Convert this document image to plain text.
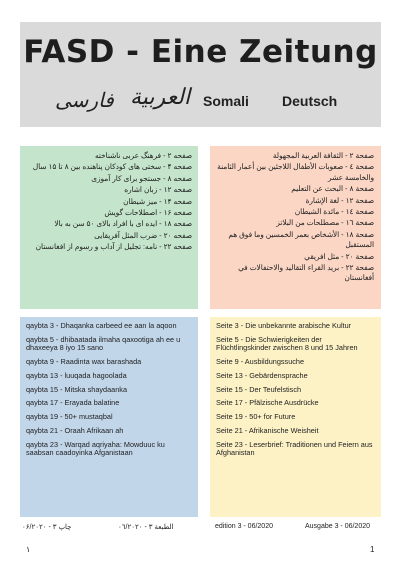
FASD - Eine Zeitung
فارسی العربية Somali Deutsch
صفحه ۲ - فرهنگ عربی ناشناخته
صفحه ۴ - سختی های کودکان پناهنده بین ۸ تا ۱۵ سال
صفحه ۸ - جستجو برای کار آموزی
صفحه ۱۲ - زبان اشاره
صفحه ۱۴ - میز شیطان
صفحه ۱۶ - اصطلاحات گویش
صفحه ۱۸ - ایده ای با افراد بالای ۵۰ سن به بالا
صفحه ۲۰ - ضرب المثل آفریقایی
صفحه ۲۲ - نامه: تجلیل از آداب و رسوم از افغانستان
صفحة ٢ - الثقافة العربية المجهولة
صفحة ٤ - صعوبات الأطفال اللاجئين بين أعمار الثامنة والخامسة عشر
صفحة ٨ - البحث عن التعليم
صفحة ١٢ - لغة الإشارة
صفحة ١٤ - مائدة الشيطان
صفحة ١٦ - مصطلحات من البلاتز
صفحة ١٨ - الأشخاص بعمر الخمسين وما فوق هم المستقبل
صفحة ٢٠ - مثل افريقي
صفحة ٢٢ - بريد القراء التقاليد والاحتفالات في أفغانستان
qaybta 3 - Dhaqanka carbeed ee aan la aqoon
qaybta 5 - dhibaatada ilmaha qaxootiga ah ee u dhaxeeya 8 iyo 15 sano
qaybta 9 - Raadinta wax barashada
qaybta 13 - luuqada hagoolada
qaybta 15 - Mitska shaydaanka
qaybta 17 - Erayada balatine
qaybta 19 - 50+ mustaqbal
qaybta 21 - Oraah Afrikaan ah
qaybta 23 - Warqad aqriyaha: Mowduuc ku saabsan caadoyinka Afganistaan
Seite 3 - Die unbekannte arabische Kultur
Seite 5 - Die Schwierigkeiten der Flüchtlingskinder zwischen 8 und 15 Jahren
Seite 9 - Ausbildungssuche
Seite 13 - Gebärdensprache
Seite 15 - Der Teufelstisch
Seite 17 - Pfälzische Ausdrücke
Seite 19 - 50+ for Future
Seite 21 - Afrikanische Weisheit
Seite 23 - Leserbrief: Traditionen und Feiern aus Afghanistan
چاپ ۳ - ۰۶/۲۰۲۰	الطبعة ٣ - ٠٦/٢٠٢٠	edition 3 - 06/2020	Ausgabe 3 - 06/2020
۱	1
